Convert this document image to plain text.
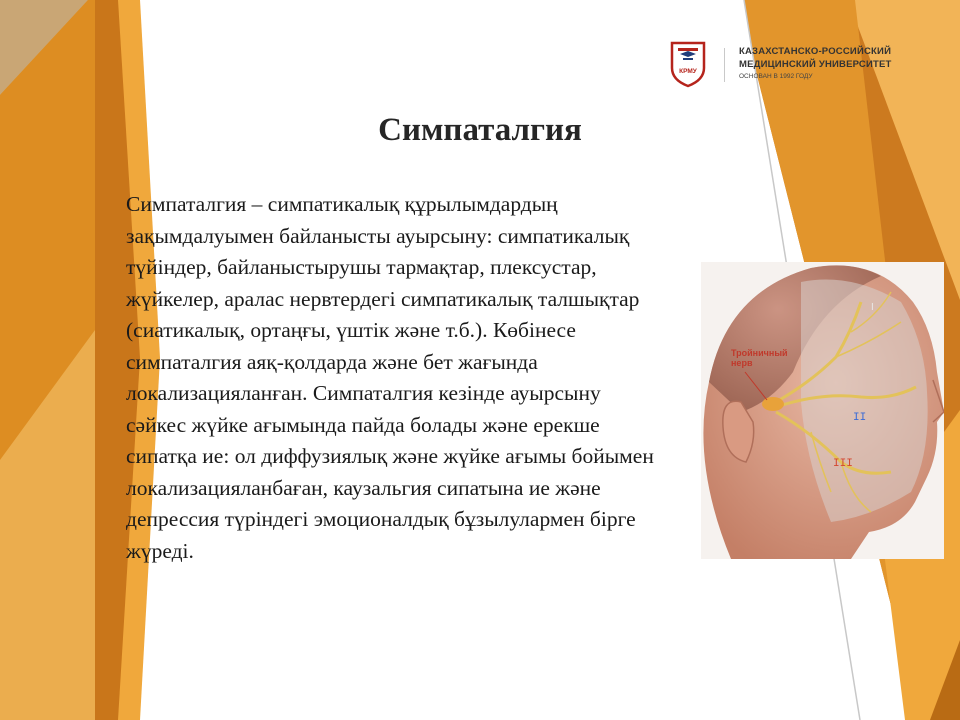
КРМУ
КАЗАХСТАНСКО-РОССИЙСКИЙ
МЕДИЦИНСКИЙ УНИВЕРСИТЕТ
ОСНОВАН В 1992 ГОДУ
Симпаталгия
Симпаталгия – симпатикалық құрылымдардың зақымдалуымен байланысты ауырсыну: симпатикалық түйіндер, байланыстырушы тармақтар, плексустар, жүйкелер, аралас нервтердегі симпатикалық талшықтар (сиатикалық, ортаңғы, үштік және т.б.). Көбінесе симпаталгия аяқ-қолдарда және бет жағында локализацияланған. Симпаталгия кезінде ауырсыну сәйкес жүйке ағымында пайда болады және ерекше сипатқа ие: ол диффузиялық және жүйке ағымы бойымен локализацияланбаған, каузальгия сипатына ие және депрессия түріндегі эмоционалдық бұзылулармен бірге жүреді.
Тройничный
нерв
I
II
III
